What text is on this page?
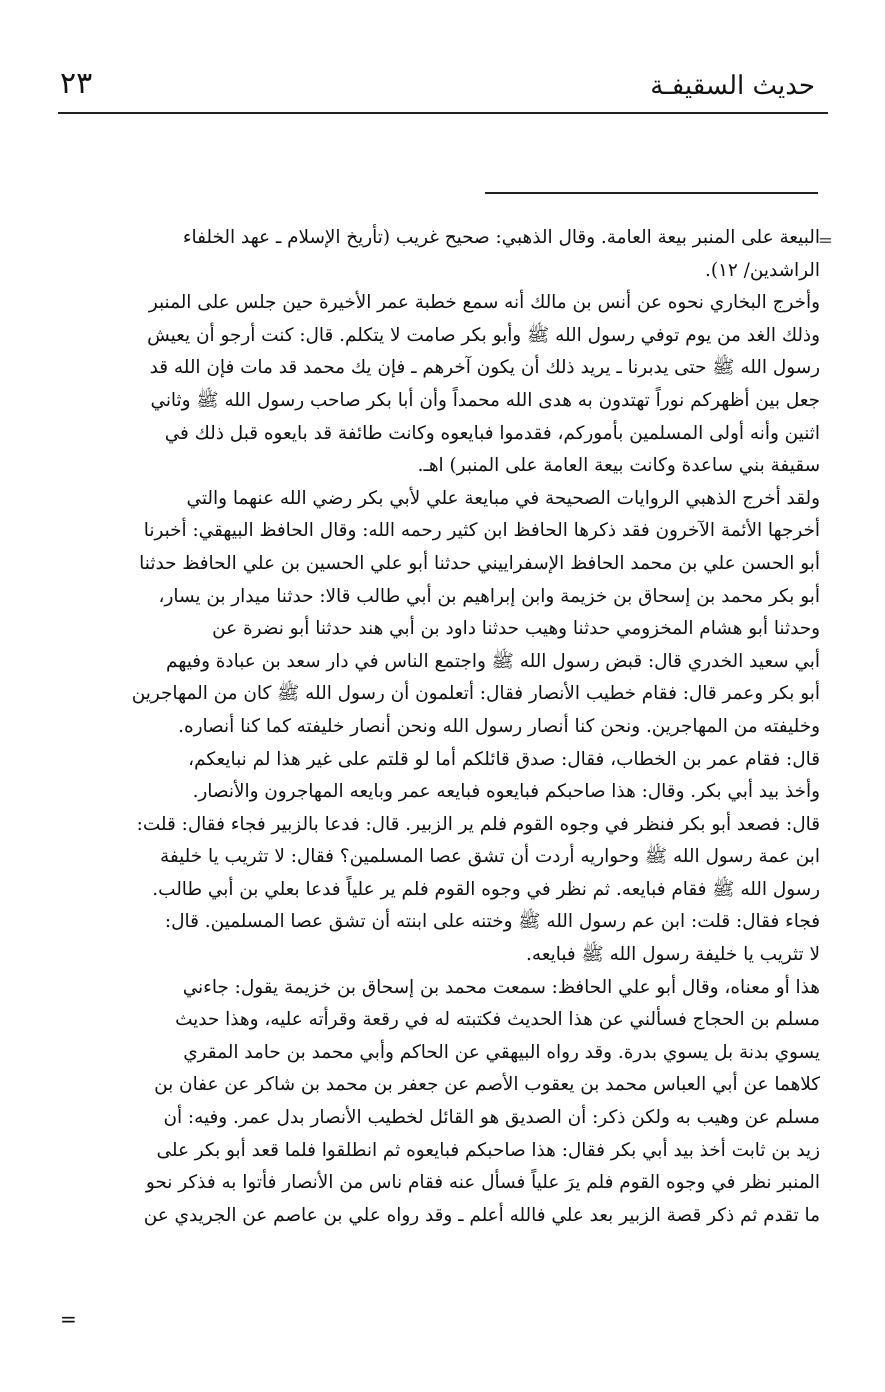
حديث السقيفـة
٢٣
=
=
البيعة على المنبر بيعة العامة. وقال الذهبي: صحيح غريب (تأريخ الإسلام ـ عهد الخلفاء
الراشدين/ ١٢).
وأخرج البخاري نحوه عن أنس بن مالك أنه سمع خطبة عمر الأخيرة حين جلس على المنبر
وذلك الغد من يوم توفي رسول الله ﷺ وأبو بكر صامت لا يتكلم. قال: كنت أرجو أن يعيش
رسول الله ﷺ حتى يدبرنا ـ يريد ذلك أن يكون آخرهم ـ فإن يك محمد قد مات فإن الله قد
جعل بين أظهركم نوراً تهتدون به هدى الله محمداً وأن أبا بكر صاحب رسول الله ﷺ وثاني
اثنين وأنه أولى المسلمين بأموركم، فقدموا فبايعوه وكانت طائفة قد بايعوه قبل ذلك في
سقيفة بني ساعدة وكانت بيعة العامة على المنبر) اهـ.
ولقد أخرج الذهبي الروايات الصحيحة في مبايعة علي لأبي بكر رضي الله عنهما والتي
أخرجها الأئمة الآخرون فقد ذكرها الحافظ ابن كثير رحمه الله: وقال الحافظ البيهقي: أخبرنا
أبو الحسن علي بن محمد الحافظ الإسفراييني حدثنا أبو علي الحسين بن علي الحافظ حدثنا
أبو بكر محمد بن إسحاق بن خزيمة وابن إبراهيم بن أبي طالب قالا: حدثنا ميدار بن يسار،
وحدثنا أبو هشام المخزومي حدثنا وهيب حدثنا داود بن أبي هند حدثنا أبو نضرة عن
أبي سعيد الخدري قال: قبض رسول الله ﷺ واجتمع الناس في دار سعد بن عبادة وفيهم
أبو بكر وعمر قال: فقام خطيب الأنصار فقال: أتعلمون أن رسول الله ﷺ كان من المهاجرين
وخليفته من المهاجرين. ونحن كنا أنصار رسول الله ونحن أنصار خليفته كما كنا أنصاره.
قال: فقام عمر بن الخطاب، فقال: صدق قائلكم أما لو قلتم على غير هذا لم نبايعكم،
وأخذ بيد أبي بكر. وقال: هذا صاحبكم فبايعوه فبايعه عمر وبايعه المهاجرون والأنصار.
قال: فصعد أبو بكر فنظر في وجوه القوم فلم ير الزبير. قال: فدعا بالزبير فجاء فقال: قلت:
ابن عمة رسول الله ﷺ وحواريه أردت أن تشق عصا المسلمين؟ فقال: لا تثريب يا خليفة
رسول الله ﷺ فقام فبايعه. ثم نظر في وجوه القوم فلم ير علياً فدعا بعلي بن أبي طالب.
فجاء فقال: قلت: ابن عم رسول الله ﷺ وختنه على ابنته أن تشق عصا المسلمين. قال:
لا تثريب يا خليفة رسول الله ﷺ فبايعه.
هذا أو معناه، وقال أبو علي الحافظ: سمعت محمد بن إسحاق بن خزيمة يقول: جاءني
مسلم بن الحجاج فسألني عن هذا الحديث فكتبته له في رقعة وقرأته عليه، وهذا حديث
يسوي بدنة بل يسوي بدرة. وقد رواه البيهقي عن الحاكم وأبي محمد بن حامد المقري
كلاهما عن أبي العباس محمد بن يعقوب الأصم عن جعفر بن محمد بن شاكر عن عفان بن
مسلم عن وهيب به ولكن ذكر: أن الصديق هو القائل لخطيب الأنصار بدل عمر. وفيه: أن
زيد بن ثابت أخذ بيد أبي بكر فقال: هذا صاحبكم فبايعوه ثم انطلقوا فلما قعد أبو بكر على
المنبر نظر في وجوه القوم فلم يرَ علياً فسأل عنه فقام ناس من الأنصار فأتوا به فذكر نحو
ما تقدم ثم ذكر قصة الزبير بعد علي فالله أعلم ـ وقد رواه علي بن عاصم عن الجريدي عن
